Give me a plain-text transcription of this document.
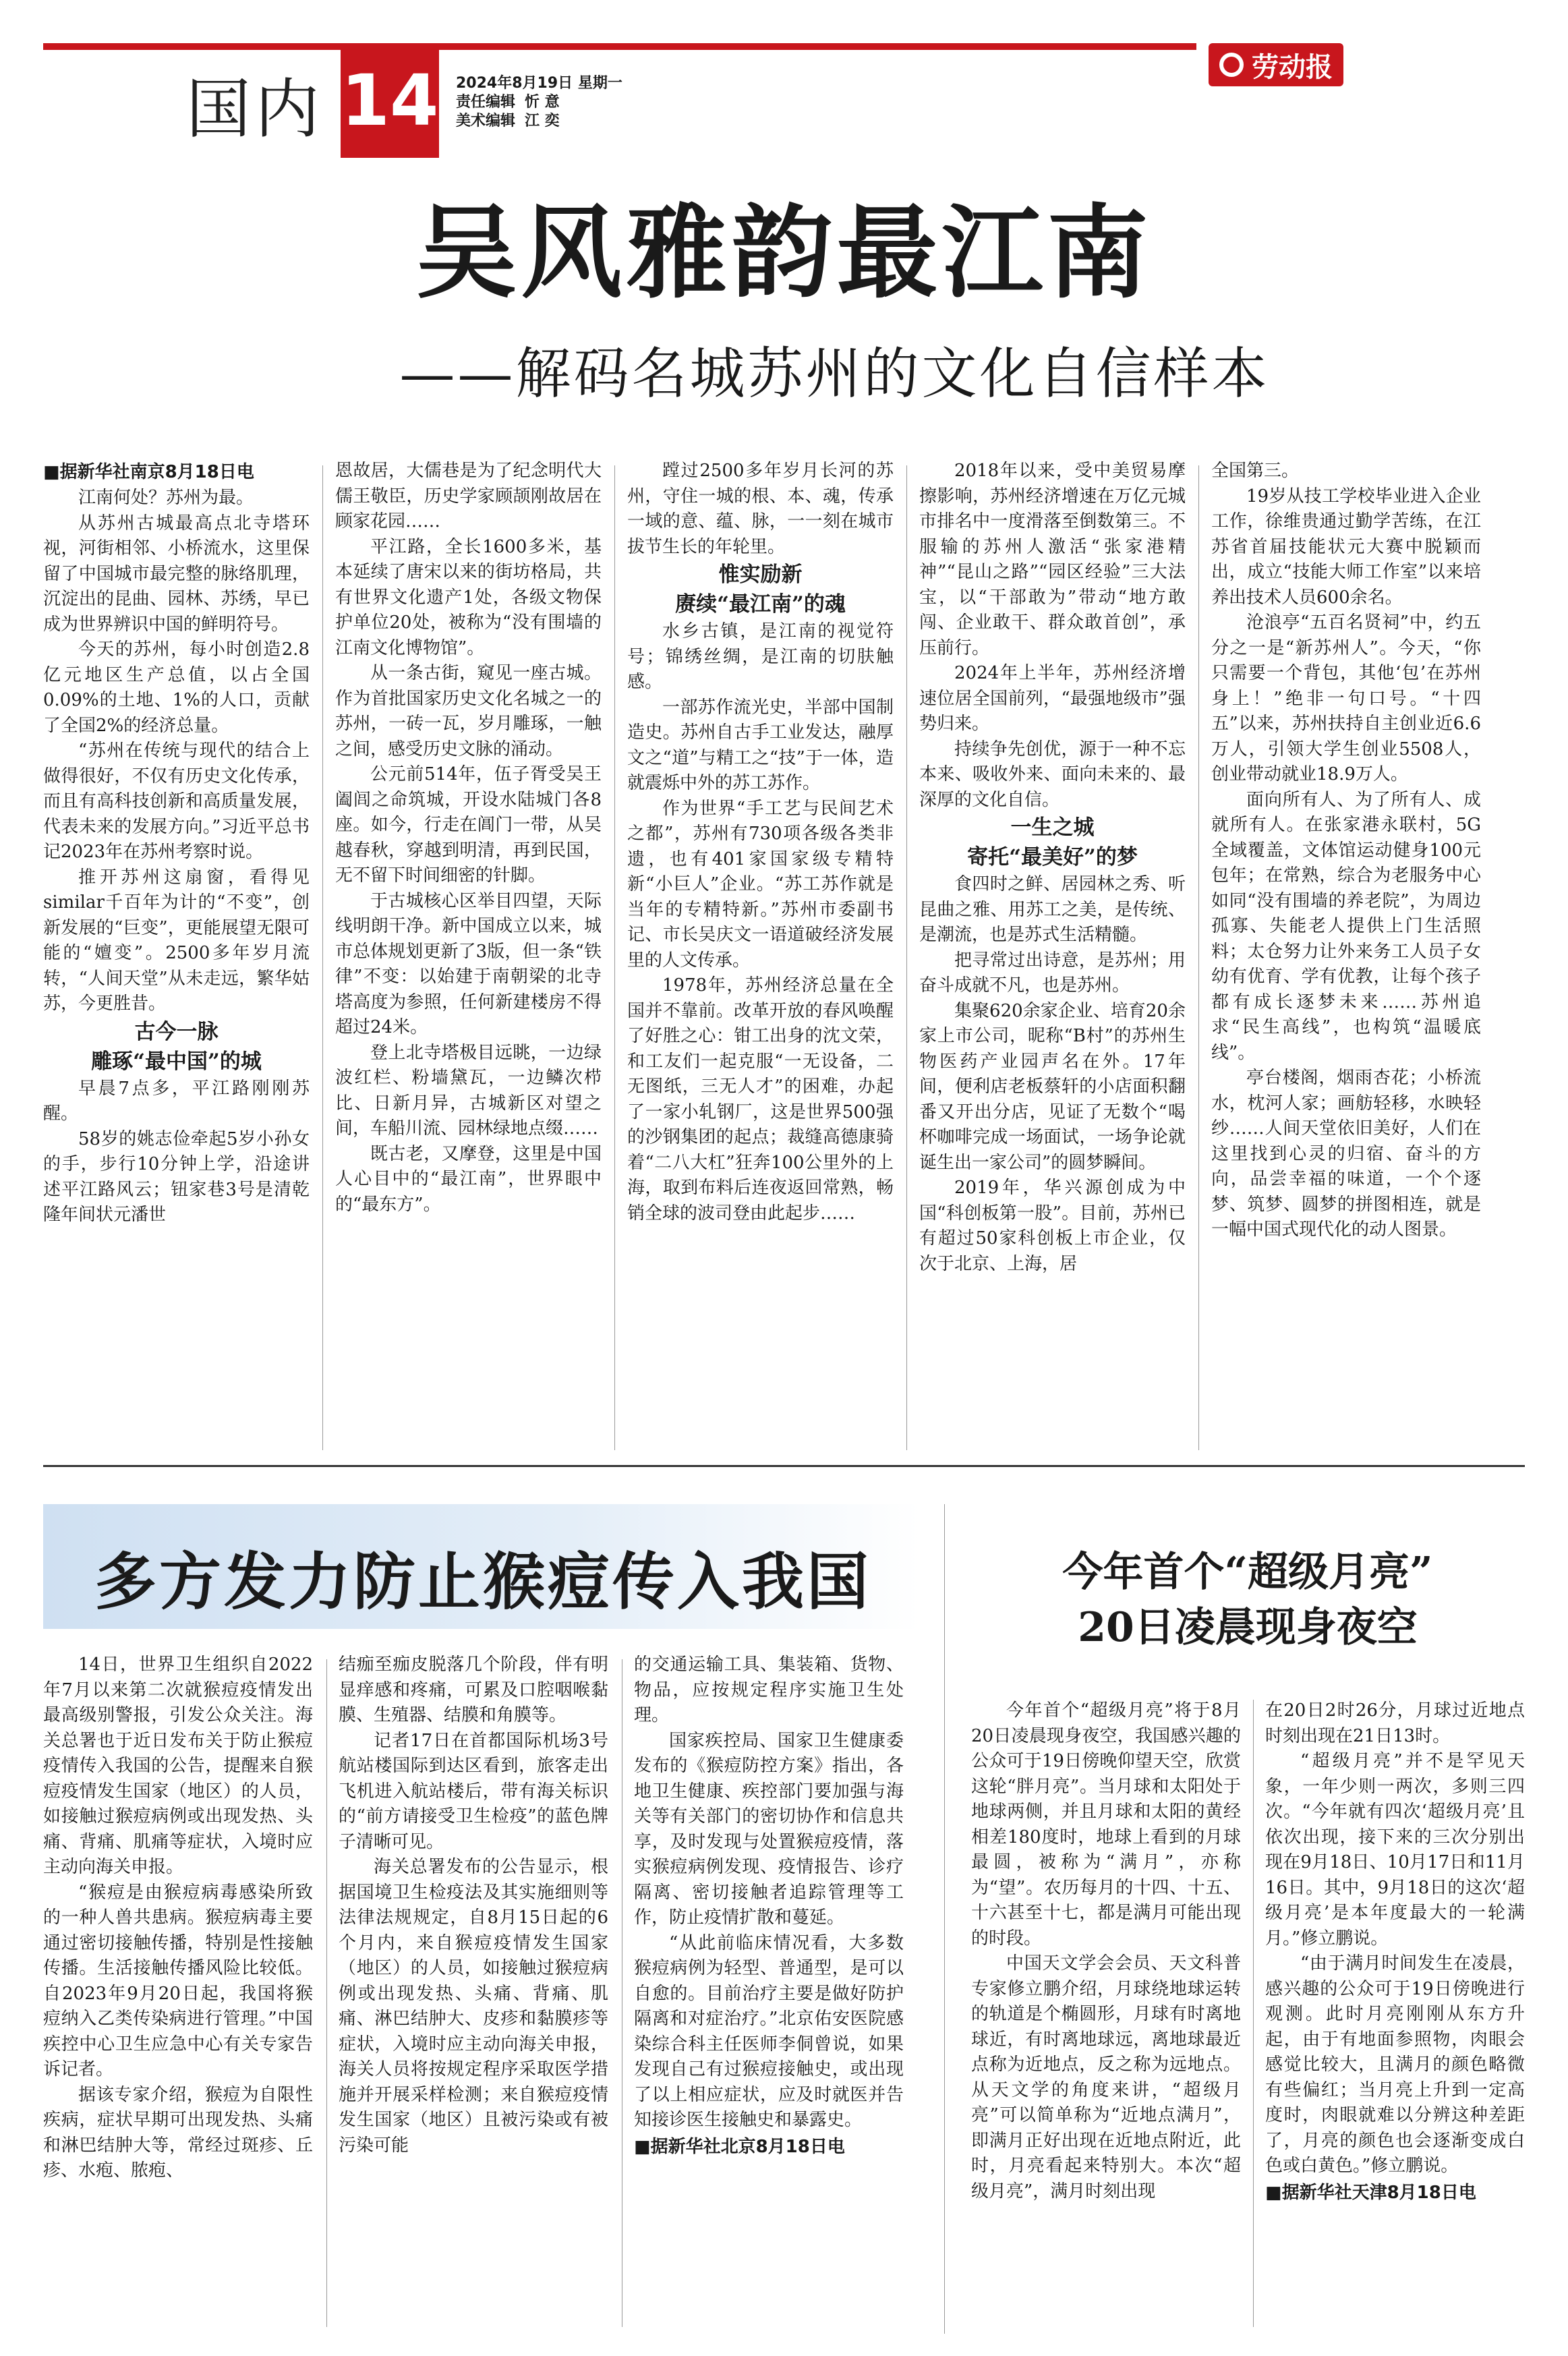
国内 14 2024年8月19日 星期一
责任编辑 忻 意
美术编辑 江 奕
劳动报
吴风雅韵最江南
——解码名城苏州的文化自信样本

■据新华社南京8月18日电

江南何处？苏州为最。

从苏州古城最高点北寺塔环视，河街相邻、小桥流水，这里保留了中国城市最完整的脉络肌理，沉淀出的昆曲、园林、苏绣，早已成为世界辨识中国的鲜明符号。

今天的苏州，每小时创造2.8亿元地区生产总值，以占全国0.09%的土地、1%的人口，贡献了全国2%的经济总量。

“苏州在传统与现代的结合上做得很好，不仅有历史文化传承，而且有高科技创新和高质量发展，代表未来的发展方向。”习近平总书记2023年在苏州考察时说。

推开苏州这扇窗，看得见similar千百年为计的“不变”，创新发展的“巨变”，更能展望无限可能的“嬗变”。2500多年岁月流转，“人间天堂”从未走远，繁华姑苏，今更胜昔。

古今一脉
雕琢“最中国”的城

早晨7点多，平江路刚刚苏醒。

58岁的姚志俭牵起5岁小孙女的手，步行10分钟上学，沿途讲述平江路风云；钮家巷3号是清乾隆年间状元潘世

恩故居，大儒巷是为了纪念明代大儒王敬臣，历史学家顾颉刚故居在顾家花园……

平江路，全长1600多米，基本延续了唐宋以来的街坊格局，共有世界文化遗产1处，各级文物保护单位20处，被称为“没有围墙的江南文化博物馆”。

从一条古街，窥见一座古城。作为首批国家历史文化名城之一的苏州，一砖一瓦，岁月雕琢，一触之间，感受历史文脉的涌动。

公元前514年，伍子胥受吴王阖闾之命筑城，开设水陆城门各8座。如今，行走在阊门一带，从吴越春秋，穿越到明清，再到民国，无不留下时间细密的针脚。

于古城核心区举目四望，天际线明朗干净。新中国成立以来，城市总体规划更新了3版，但一条“铁律”不变：以始建于南朝梁的北寺塔高度为参照，任何新建楼房不得超过24米。

登上北寺塔极目远眺，一边绿波红栏、粉墙黛瓦，一边鳞次栉比、日新月异，古城新区对望之间，车船川流、园林绿地点缀……

既古老，又摩登，这里是中国人心目中的“最江南”，世界眼中的“最东方”。

蹚过2500多年岁月长河的苏州，守住一城的根、本、魂，传承一域的意、蕴、脉，一一刻在城市拔节生长的年轮里。

惟实励新
赓续“最江南”的魂

水乡古镇，是江南的视觉符号；锦绣丝绸，是江南的切肤触感。

一部苏作流光史，半部中国制造史。苏州自古手工业发达，融厚文之“道”与精工之“技”于一体，造就震烁中外的苏工苏作。

作为世界“手工艺与民间艺术之都”，苏州有730项各级各类非遗，也有401家国家级专精特新“小巨人”企业。“苏工苏作就是当年的专精特新。”苏州市委副书记、市长吴庆文一语道破经济发展里的人文传承。

1978年，苏州经济总量在全国并不靠前。改革开放的春风唤醒了好胜之心：钳工出身的沈文荣，和工友们一起克服“一无设备，二无图纸，三无人才”的困难，办起了一家小轧钢厂，这是世界500强的沙钢集团的起点；裁缝高德康骑着“二八大杠”狂奔100公里外的上海，取到布料后连夜返回常熟，畅销全球的波司登由此起步……

2018年以来，受中美贸易摩擦影响，苏州经济增速在万亿元城市排名中一度滑落至倒数第三。不服输的苏州人激活“张家港精神”“昆山之路”“园区经验”三大法宝，以“干部敢为”带动“地方敢闯、企业敢干、群众敢首创”，承压前行。

2024年上半年，苏州经济增速位居全国前列，“最强地级市”强势归来。

持续争先创优，源于一种不忘本来、吸收外来、面向未来的、最深厚的文化自信。

一生之城
寄托“最美好”的梦

食四时之鲜、居园林之秀、听昆曲之雅、用苏工之美，是传统、是潮流，也是苏式生活精髓。

把寻常过出诗意，是苏州；用奋斗成就不凡，也是苏州。

集聚620余家企业、培育20余家上市公司，昵称“B村”的苏州生物医药产业园声名在外。17年间，便利店老板蔡轩的小店面积翻番又开出分店，见证了无数个“喝杯咖啡完成一场面试，一场争论就诞生出一家公司”的圆梦瞬间。

2019年，华兴源创成为中国“科创板第一股”。目前，苏州已有超过50家科创板上市企业，仅次于北京、上海，居

全国第三。

19岁从技工学校毕业进入企业工作，徐维贵通过勤学苦练，在江苏省首届技能状元大赛中脱颖而出，成立“技能大师工作室”以来培养出技术人员600余名。

沧浪亭“五百名贤祠”中，约五分之一是“新苏州人”。今天，“你只需要一个背包，其他‘包’在苏州身上！”绝非一句口号。“十四五”以来，苏州扶持自主创业近6.6万人，引领大学生创业5508人，创业带动就业18.9万人。

面向所有人、为了所有人、成就所有人。在张家港永联村，5G全域覆盖，文体馆运动健身100元包年；在常熟，综合为老服务中心如同“没有围墙的养老院”，为周边孤寡、失能老人提供上门生活照料；太仓努力让外来务工人员子女幼有优育、学有优教，让每个孩子都有成长逐梦未来……苏州追求“民生高线”，也构筑“温暖底线”。

亭台楼阁，烟雨杏花；小桥流水，枕河人家；画舫轻移，水映轻纱……人间天堂依旧美好，人们在这里找到心灵的归宿、奋斗的方向，品尝幸福的味道，一个个逐梦、筑梦、圆梦的拼图相连，就是一幅中国式现代化的动人图景。

多方发力防止猴痘传入我国

14日，世界卫生组织自2022年7月以来第二次就猴痘疫情发出最高级别警报，引发公众关注。海关总署也于近日发布关于防止猴痘疫情传入我国的公告，提醒来自猴痘疫情发生国家（地区）的人员，如接触过猴痘病例或出现发热、头痛、背痛、肌痛等症状，入境时应主动向海关申报。

“猴痘是由猴痘病毒感染所致的一种人兽共患病。猴痘病毒主要通过密切接触传播，特别是性接触传播。生活接触传播风险比较低。自2023年9月20日起，我国将猴痘纳入乙类传染病进行管理。”中国疾控中心卫生应急中心有关专家告诉记者。

据该专家介绍，猴痘为自限性疾病，症状早期可出现发热、头痛和淋巴结肿大等，常经过斑疹、丘疹、水疱、脓疱、

结痂至痂皮脱落几个阶段，伴有明显痒感和疼痛，可累及口腔咽喉黏膜、生殖器、结膜和角膜等。

记者17日在首都国际机场3号航站楼国际到达区看到，旅客走出飞机进入航站楼后，带有海关标识的“前方请接受卫生检疫”的蓝色牌子清晰可见。

海关总署发布的公告显示，根据国境卫生检疫法及其实施细则等法律法规规定，自8月15日起的6个月内，来自猴痘疫情发生国家（地区）的人员，如接触过猴痘病例或出现发热、头痛、背痛、肌痛、淋巴结肿大、皮疹和黏膜疹等症状，入境时应主动向海关申报，海关人员将按规定程序采取医学措施并开展采样检测；来自猴痘疫情发生国家（地区）且被污染或有被污染可能

的交通运输工具、集装箱、货物、物品，应按规定程序实施卫生处理。

国家疾控局、国家卫生健康委发布的《猴痘防控方案》指出，各地卫生健康、疾控部门要加强与海关等有关部门的密切协作和信息共享，及时发现与处置猴痘疫情，落实猴痘病例发现、疫情报告、诊疗隔离、密切接触者追踪管理等工作，防止疫情扩散和蔓延。

“从此前临床情况看，大多数猴痘病例为轻型、普通型，是可以自愈的。目前治疗主要是做好防护隔离和对症治疗。”北京佑安医院感染综合科主任医师李侗曾说，如果发现自己有过猴痘接触史，或出现了以上相应症状，应及时就医并告知接诊医生接触史和暴露史。

■据新华社北京8月18日电

今年首个“超级月亮”
20日凌晨现身夜空

今年首个“超级月亮”将于8月20日凌晨现身夜空，我国感兴趣的公众可于19日傍晚仰望天空，欣赏这轮“胖月亮”。当月球和太阳处于地球两侧，并且月球和太阳的黄经相差180度时，地球上看到的月球最圆，被称为“满月”，亦称为“望”。农历每月的十四、十五、十六甚至十七，都是满月可能出现的时段。

中国天文学会会员、天文科普专家修立鹏介绍，月球绕地球运转的轨道是个椭圆形，月球有时离地球近，有时离地球远，离地球最近点称为近地点，反之称为远地点。从天文学的角度来讲，“超级月亮”可以简单称为“近地点满月”，即满月正好出现在近地点附近，此时，月亮看起来特别大。本次“超级月亮”，满月时刻出现

在20日2时26分，月球过近地点时刻出现在21日13时。

“超级月亮”并不是罕见天象，一年少则一两次，多则三四次。“今年就有四次‘超级月亮’且依次出现，接下来的三次分别出现在9月18日、10月17日和11月16日。其中，9月18日的这次‘超级月亮’是本年度最大的一轮满月。”修立鹏说。

“由于满月时间发生在凌晨，感兴趣的公众可于19日傍晚进行观测。此时月亮刚刚从东方升起，由于有地面参照物，肉眼会感觉比较大，且满月的颜色略微有些偏红；当月亮上升到一定高度时，肉眼就难以分辨这种差距了，月亮的颜色也会逐渐变成白色或白黄色。”修立鹏说。

■据新华社天津8月18日电
